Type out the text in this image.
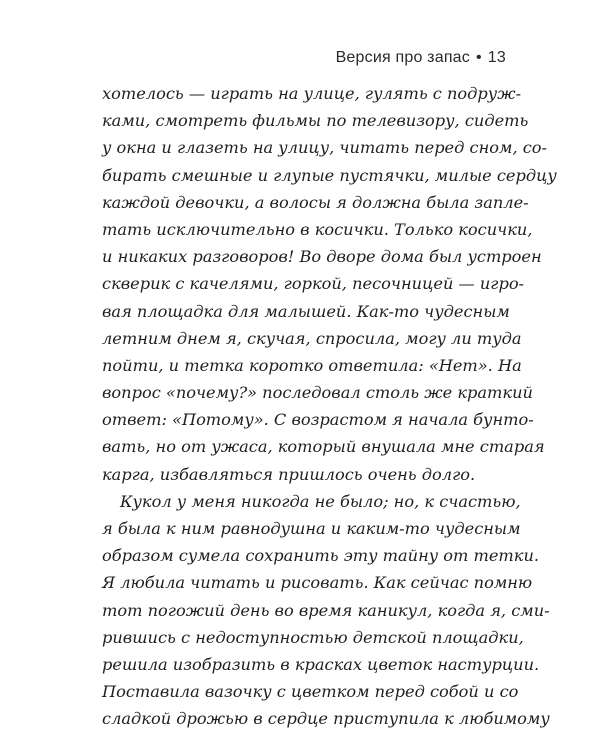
Версия про запас • 13
хотелось — играть на улице, гулять с подруж-
ками, смотреть фильмы по телевизору, сидеть
у окна и глазеть на улицу, читать перед сном, со-
бирать смешные и глупые пустячки, милые сердцу
каждой девочки, а волосы я должна была запле-
тать исключительно в косички. Только косички,
и никаких разговоров! Во дворе дома был устроен
скверик с качелями, горкой, песочницей — игро-
вая площадка для малышей. Как-то чудесным
летним днем я, скучая, спросила, могу ли туда
пойти, и тетка коротко ответила: «Нет». На
вопрос «почему?» последовал столь же краткий
ответ: «Потому». С возрастом я начала бунто-
вать, но от ужаса, который внушала мне старая
карга, избавляться пришлось очень долго.
Кукол у меня никогда не было; но, к счастью,
я была к ним равнодушна и каким-то чудесным
образом сумела сохранить эту тайну от тетки.
Я любила читать и рисовать. Как сейчас помню
тот погожий день во время каникул, когда я, сми-
рившись с недоступностью детской площадки,
решила изобразить в красках цветок настурции.
Поставила вазочку с цветком перед собой и со
сладкой дрожью в сердце приступила к любимому
